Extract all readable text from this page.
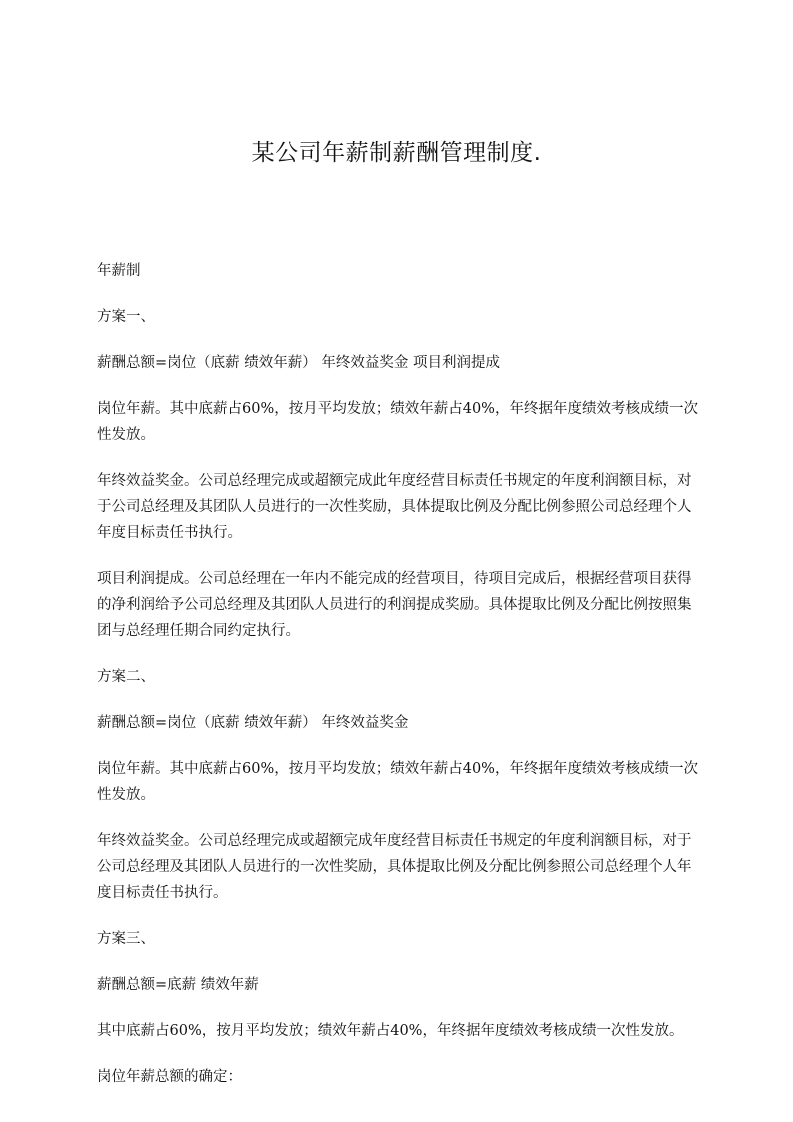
某公司年薪制薪酬管理制度.

年薪制

方案一、

薪酬总额=岗位（底薪 绩效年薪） 年终效益奖金 项目利润提成

岗位年薪。其中底薪占60%，按月平均发放；绩效年薪占40%，年终据年度绩效考核成绩一次性发放。

年终效益奖金。公司总经理完成或超额完成此年度经营目标责任书规定的年度利润额目标，对于公司总经理及其团队人员进行的一次性奖励，具体提取比例及分配比例参照公司总经理个人年度目标责任书执行。

项目利润提成。公司总经理在一年内不能完成的经营项目，待项目完成后，根据经营项目获得的净利润给予公司总经理及其团队人员进行的利润提成奖励。具体提取比例及分配比例按照集团与总经理任期合同约定执行。

方案二、

薪酬总额=岗位（底薪 绩效年薪） 年终效益奖金

岗位年薪。其中底薪占60%，按月平均发放；绩效年薪占40%，年终据年度绩效考核成绩一次性发放。

年终效益奖金。公司总经理完成或超额完成年度经营目标责任书规定的年度利润额目标，对于公司总经理及其团队人员进行的一次性奖励，具体提取比例及分配比例参照公司总经理个人年度目标责任书执行。

方案三、

薪酬总额=底薪 绩效年薪

其中底薪占60%，按月平均发放；绩效年薪占40%，年终据年度绩效考核成绩一次性发放。

岗位年薪总额的确定：
